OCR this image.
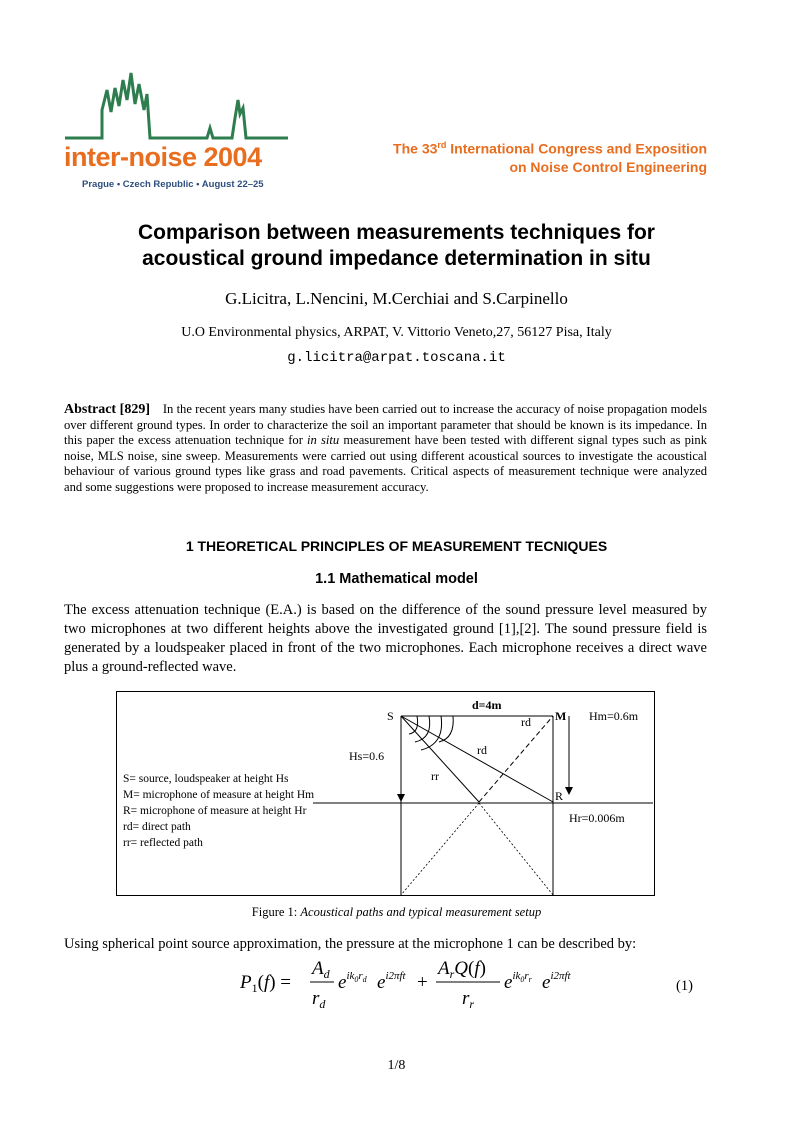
inter-noise 2004
Prague • Czech Republic • August 22–25
The 33rd International Congress and Exposition
on Noise Control Engineering
Comparison between measurements techniques for
acoustical ground impedance determination in situ
G.Licitra, L.Nencini, M.Cerchiai and S.Carpinello
U.O Environmental physics, ARPAT, V. Vittorio Veneto,27, 56127 Pisa, Italy
g.licitra@arpat.toscana.it
Abstract [829] In the recent years many studies have been carried out to increase the accuracy of noise propagation models over different ground types. In order to characterize the soil an important parameter that should be known is its impedance. In this paper the excess attenuation technique for in situ measurement have been tested with different signal types such as pink noise, MLS noise, sine sweep. Measurements were carried out using different acoustical sources to investigate the acoustical behaviour of various ground types like grass and road pavements. Critical aspects of measurement technique were analyzed and some suggestions were proposed to increase measurement accuracy.
1 THEORETICAL PRINCIPLES OF MEASUREMENT TECNIQUES
1.1 Mathematical model
The excess attenuation technique (E.A.) is based on the difference of the sound pressure level measured by two microphones at two different heights above the investigated ground [1],[2]. The sound pressure field is generated by a loudspeaker placed in front of the two microphones. Each microphone receives a direct wave plus a ground-reflected wave.
S	M
R
d=4m
rd
rd
rr
Hs=0.6
Hm=0.6m
Hr=0.006m
S= source, loudspeaker at height Hs
M= microphone of measure at height Hm
R= microphone of measure at height Hr
rd= direct path
rr= reflected path
Figure 1: Acoustical paths and typical measurement setup
Using spherical point source approximation, the pressure at the microphone 1 can be described by:
$P_1(f)$ =
$A_d$
$r_d$
$e^{ik}0rd$ $e^{i2\pi ft}$ +
$A_rQ(f)$
$r_r$
$e^{ik}0rr$ $e^{i2\pi ft}$
(1)
1/8
